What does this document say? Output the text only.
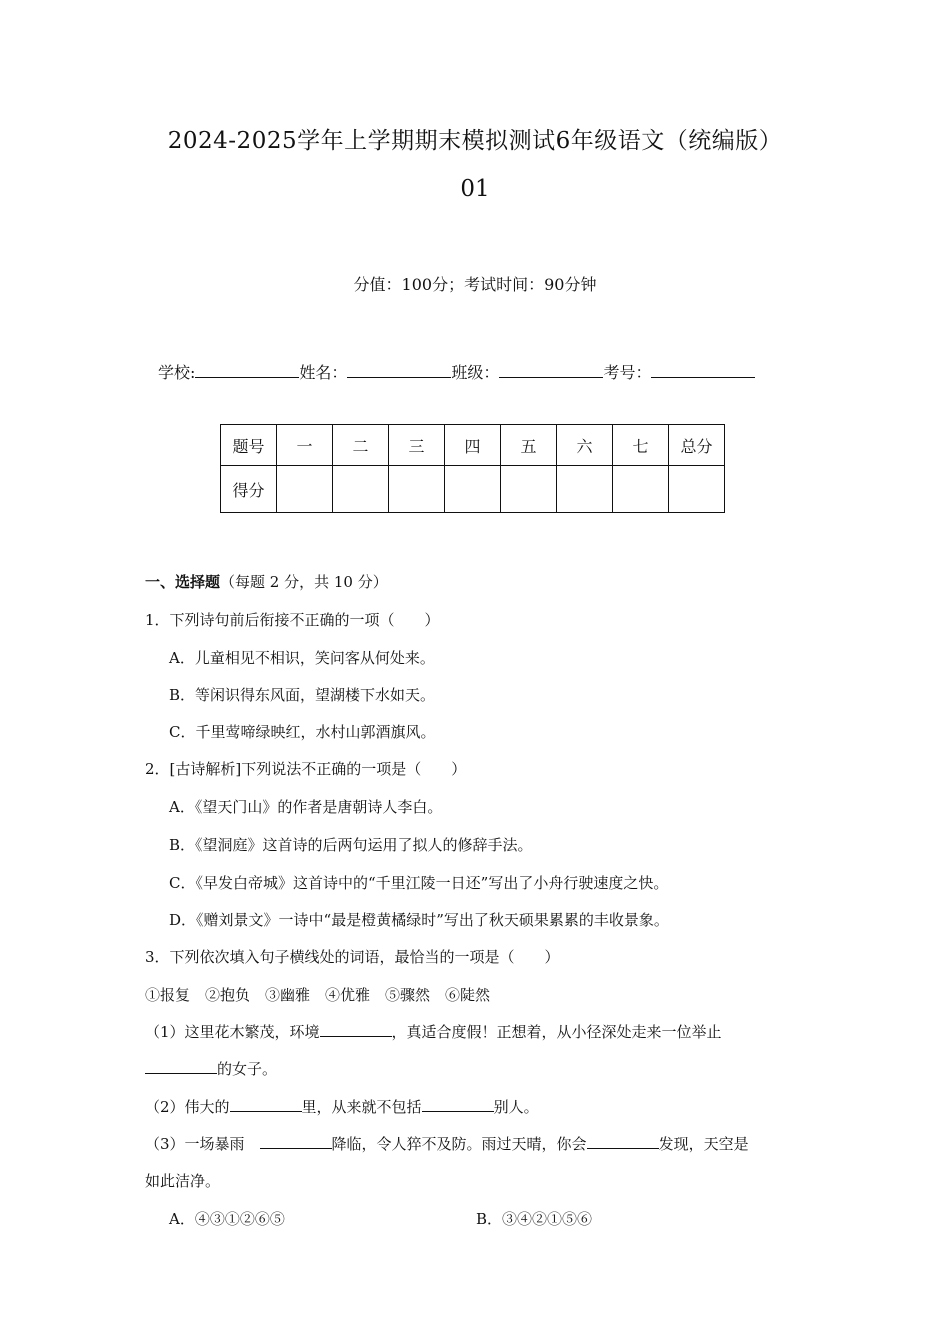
2024-2025学年上学期期末模拟测试6年级语文（统编版）
01
分值：100分；考试时间：90分钟
学校:	姓名：	班级：	考号：
题号	一	二	三	四	五	六	七	总分
得分								
一、选择题（每题 2 分，共 10 分）
1．下列诗句前后衔接不正确的一项（　　）
A．儿童相见不相识，笑问客从何处来。
B．等闲识得东风面，望湖楼下水如天。
C．千里莺啼绿映红，水村山郭酒旗风。
2．[古诗解析]下列说法不正确的一项是（　　）
A．《望天门山》的作者是唐朝诗人李白。
B．《望洞庭》这首诗的后两句运用了拟人的修辞手法。
C．《早发白帝城》这首诗中的“千里江陵一日还”写出了小舟行驶速度之快。
D．《赠刘景文》一诗中“最是橙黄橘绿时”写出了秋天硕果累累的丰收景象。
3．下列依次填入句子横线处的词语，最恰当的一项是（　　）
①报复　②抱负　③幽雅　④优雅　⑤骤然　⑥陡然
（1）这里花木繁茂，环境	，真适合度假！正想着，从小径深处走来一位举止
的女子。
（2）伟大的	里，从来就不包括	别人。
（3）一场暴雨　	降临，令人猝不及防。雨过天晴，你会	发现，天空是
如此洁净。
A．④③①②⑥⑤	B．③④②①⑤⑥
